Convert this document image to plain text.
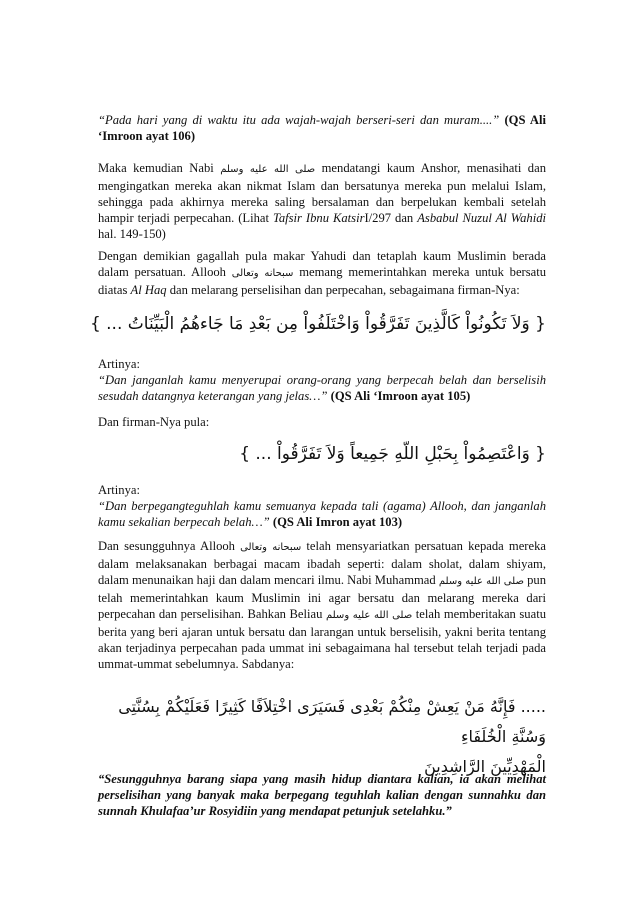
“Pada hari yang di waktu itu ada wajah-wajah berseri-seri dan muram....” (QS Ali ‘Imroon ayat 106)

Maka kemudian Nabi صلى الله عليه وسلم mendatangi kaum Anshor, menasihati dan mengingatkan mereka akan nikmat Islam dan bersatunya mereka pun melalui Islam, sehingga pada akhirnya mereka saling bersalaman dan berpelukan kembali setelah hampir terjadi perpecahan. (Lihat Tafsir Ibnu KatsirI/297 dan Asbabul Nuzul Al Wahidi hal. 149-150)

Dengan demikian gagallah pula makar Yahudi dan tetaplah kaum Muslimin berada dalam persatuan. Allooh سبحانه وتعالى memang memerintahkan mereka untuk bersatu diatas Al Haq dan melarang perselisihan dan perpecahan, sebagaimana firman-Nya:

{ وَلاَ تَكُونُواْ كَالَّذِينَ تَفَرَّقُواْ وَاخْتَلَفُواْ مِن بَعْدِ مَا جَاءهُمُ الْبَيِّنَاتُ ... }

Artinya:
“Dan janganlah kamu menyerupai orang-orang yang berpecah belah dan berselisih sesudah datangnya keterangan yang jelas…” (QS Ali ‘Imroon ayat 105)

Dan firman-Nya pula:

{ وَاعْتَصِمُواْ بِحَبْلِ اللّهِ جَمِيعاً وَلاَ تَفَرَّقُواْ ... }

Artinya:
“Dan berpegangteguhlah kamu semuanya kepada tali (agama) Allooh, dan janganlah kamu sekalian berpecah belah…” (QS Ali Imron ayat 103)

Dan sesungguhnya Allooh سبحانه وتعالى telah mensyariatkan persatuan kepada mereka dalam melaksanakan berbagai macam ibadah seperti: dalam sholat, dalam shiyam, dalam menunaikan haji dan dalam mencari ilmu. Nabi Muhammad صلى الله عليه وسلم pun telah memerintahkan kaum Muslimin ini agar bersatu dan melarang mereka dari perpecahan dan perselisihan. Bahkan Beliau صلى الله عليه وسلم telah memberitakan suatu berita yang beri ajaran untuk bersatu dan larangan untuk berselisih, yakni berita tentang akan terjadinya perpecahan pada ummat ini sebagaimana hal tersebut telah terjadi pada ummat-ummat sebelumnya. Sabdanya:

..... فَإِنَّهُ مَنْ يَعِشْ مِنْكُمْ بَعْدِى فَسَيَرَى اخْتِلاَفًا كَثِيرًا فَعَلَيْكُمْ بِسُنَّتِى وَسُنَّةِ الْخُلَفَاءِ
الْمَهْدِيِّينَ الرَّاشِدِينَ

“Sesungguhnya barang siapa yang masih hidup diantara kalian, ia akan melihat perselisihan yang banyak maka berpegang teguhlah kalian dengan sunnahku dan sunnah Khulafaa’ur Rosyidiin yang mendapat petunjuk setelahku.”
